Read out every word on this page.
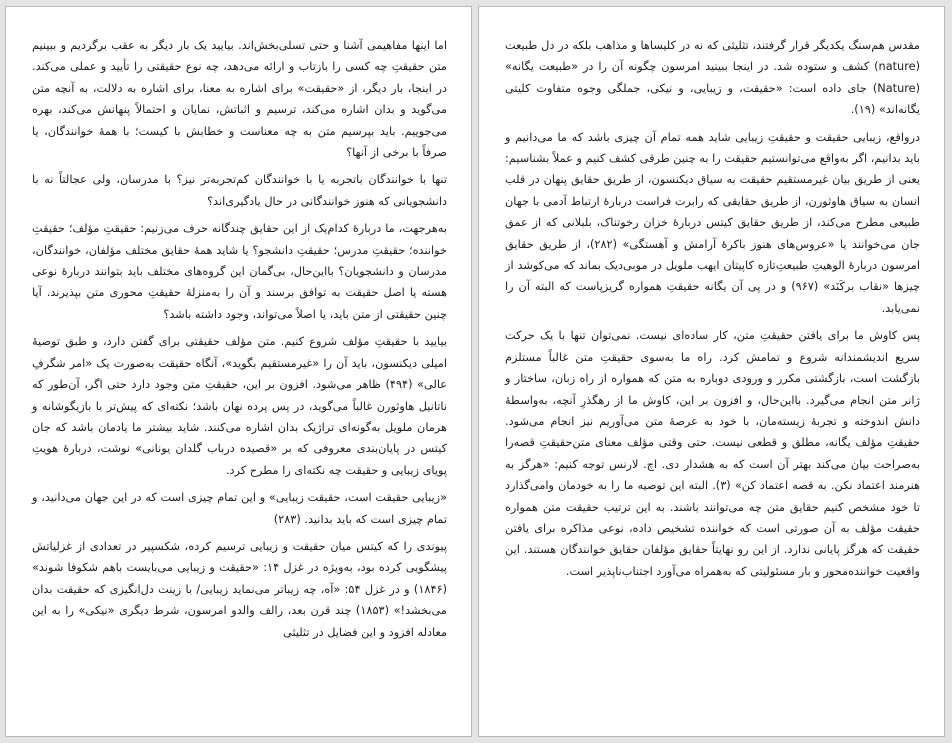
اما اینها مفاهیمی آشنا و حتی تسلی‌بخش‌اند. بیایید یک بار دیگر به عقب برگردیم و ببینیم متن حقیقتِ چه کسی را بازتاب و ارائه می‌دهد، چه نوع حقیقتی را تأیید و عملی می‌کند. در اینجا، بار دیگر، از «حقیقت» برای اشاره به معنا، برای اشاره به دلالت، به آنچه متن می‌گوید و بدان اشاره می‌کند، ترسیم و اثباتش، نمایان و احتمالاً پنهانش می‌کند، بهره می‌جوییم. باید بپرسیم متن به چه معناست و خطابش با کیست؛ با همهٔ خوانندگان، یا صرفاً با برخی از آنها؟

تنها با خوانندگان باتجربه یا با خوانندگان کم‌تجربه‌تر نیز؟ با مدرسان، ولی عجالتاً نه با دانشجویانی که هنوز خوانندگانی در حال یادگیری‌اند؟

به‌هرجهت، ما دربارهٔ کدام‌یک از این حقایق چندگانه حرف می‌زنیم: حقیقتِ مؤلف؛ حقیقتِ خواننده؛ حقیقتِ مدرس؛ حقیقتِ دانشجو؟ یا شاید همهٔ حقایق مختلف مؤلفان، خوانندگان، مدرسان و دانشجویان؟ بااین‌حال، بی‌گمان این گروه‌های مختلف باید بتوانند دربارهٔ نوعی هسته یا اصل حقیقت به توافق برسند و آن را به‌منزلهٔ حقیقتِ محوری متن بپذیرند. آیا چنین حقیقتی از متن باید، یا اصلاً می‌تواند، وجود داشته باشد؟

بیایید با حقیقتِ مؤلف شروع کنیم. متن مؤلف حقیقتی برای گفتن دارد، و طبق توصیهٔ امیلی دیکنسون، باید آن را «غیرمستقیم بگوید»، آنگاه حقیقت به‌صورت یک «امر شگرفِ عالی» (۴۹۴) ظاهر می‌شود. افزون بر این، حقیقتِ متن وجود دارد حتی اگر، آن‌طور که ناتانیل هاوثورن غالباً می‌گوید، در پس پرده نهان باشد؛ نکته‌ای که پیش‌تر با بازیگوشانه و هرمان ملویل به‌گونه‌ای تراژیک بدان اشاره می‌کنند. شاید بیشتر ما یادمان باشد که جان کیتس در پایان‌بندی معروفی که بر «قصیده درباب گلدان یونانی» نوشت، دربارهٔ هویتِ پویای زیبایی و حقیقت چه نکته‌ای را مطرح کرد.

«زیبایی حقیقت است، حقیقت زیبایی» و این تمام چیزی است که در این جهان می‌دانید، و تمام چیزی است که باید بدانید. (۲۸۳)

پیوندی را که کیتس میان حقیقت و زیبایی ترسیم کرده، شکسپیر در تعدادی از غزلیاتش پیشگویی کرده بود، به‌ویژه در غزل ۱۴: «حقیقت و زیبایی می‌بایست باهم شکوفا شوند» (۱۸۴۶) و در غزل ۵۴: «آه، چه زیباتر می‌نماید زیبایی/ با زینت دل‌انگیزی که حقیقت بدان می‌بخشد!» (۱۸۵۳) چند قرن بعد، رالف والدو امرسون، شرط دیگری «نیکی» را به این معادله افزود و این فضایل در تثلیثی

مقدس هم‌سنگ یکدیگر قرار گرفتند، تثلیثی که نه در کلیساها و مذاهب بلکه در دل طبیعت (nature) کشف و ستوده شد. در اینجا ببینید امرسون چگونه آن را در «طبیعت یگانه» (Nature) جای داده است: «حقیقت، و زیبایی، و نیکی، جملگی وجوه متفاوت کلیتی یگانه‌اند» (۱۹).

درواقع، زیبایی حقیقت و حقیقتِ زیبایی شاید همه تمام آن چیزی باشد که ما می‌دانیم و باید بدانیم، اگر به‌واقع می‌توانستیم حقیقت را به چنین طرقی کشف کنیم و عملاً بشناسیم: یعنی از طریق بیان غیرمستقیم حقیقت به سیاق دیکنسون، از طریق حقایق پنهان در قلب انسان به سیاق هاوثورن، از طریق حقایقی که رابرت فراست دربارهٔ ارتباط آدمی با جهان طبیعی مطرح می‌کند، از طریق حقایق کیتس دربارهٔ خزان رخوتناک، بلبلانی که از عمق جان می‌خوانند یا «عروس‌های هنوز باکرهٔ آرامش و آهستگی» (۲۸۲)، از طریق حقایق امرسون دربارهٔ الوهیتِ طبیعتِ‌تازه کاپیتان ایهب ملویل در موبی‌دیک بماند که می‌کوشد از چیزها «نقاب برکَنَد» (۹۶۷) و در پی آن یگانه حقیقتِ همواره گریزپاست که البته آن را نمی‌یابد.

پس کاوش ما برای یافتن حقیقتِ متن، کار ساده‌ای نیست. نمی‌توان تنها با یک حرکت سریع اندیشمندانه شروع و تمامش کرد. راه ما به‌سوی حقیقتِ متن غالباً مستلزم بازگشت است، بازگشتی مکرر و ورودی دوباره به متن که همواره از راه زبان، ساختار و ژانر متن انجام می‌گیرد. بااین‌حال، و افزون بر این، کاوش ما از رهگذرِ آنچه، به‌واسطهٔ دانش اندوخته و تجربهٔ زیسته‌مان، با خود به عرصهٔ متن می‌آوریم نیز انجام می‌شود. حقیقتِ مؤلف یگانه، مطلق و قطعی نیست. حتی وقتی مؤلف معنای متن‌حقیقتِ قصه‌را به‌صراحت بیان می‌کند بهتر آن است که به هشدار دی. اچ. لارنس توجه کنیم: «هرگز به هنرمند اعتماد نکن. به قصه اعتماد کن» (۳). البته این توصیه ما را به خودمان وامی‌گذارد تا خود مشخص کنیم حقایق متن چه می‌توانند باشند. به این ترتیب حقیقت متن همواره حقیقت مؤلف به آن صورتی است که خواننده تشخیص داده، نوعی مذاکره برای یافتن حقیقت که هرگز پایانی ندارد. از این رو نهایتاً حقایق مؤلفان حقایق خوانندگان هستند. این واقعیت خواننده‌محور و بار مسئولیتی که به‌همراه می‌آورد اجتناب‌ناپذیر است.
